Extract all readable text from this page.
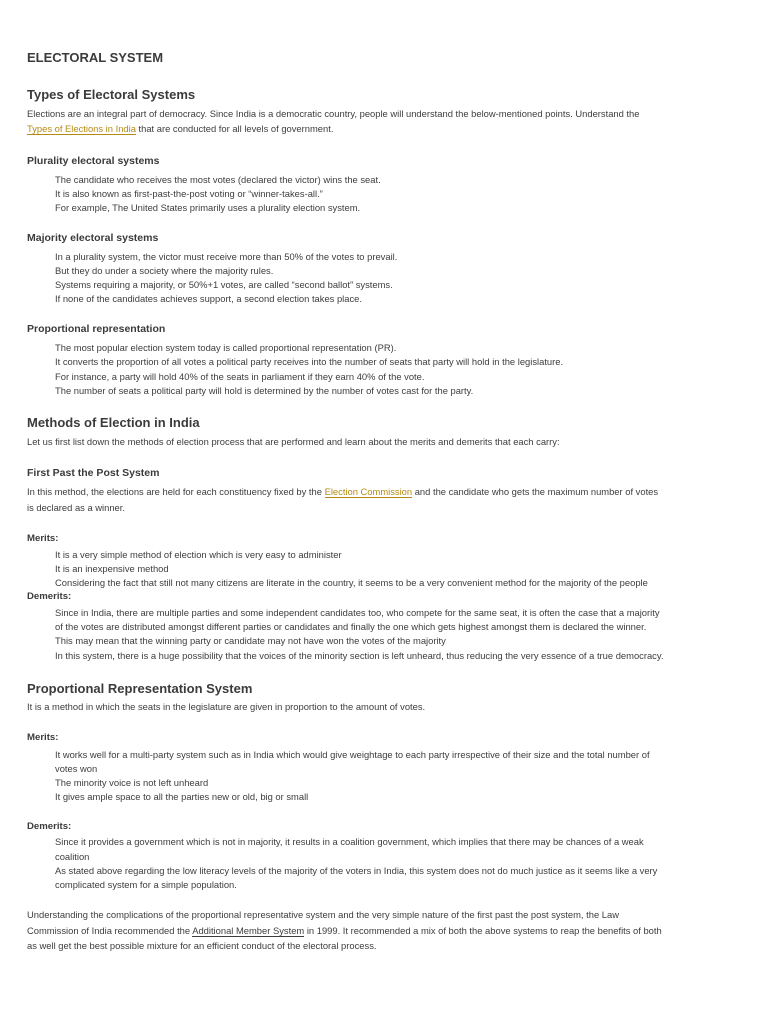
ELECTORAL SYSTEM
Types of Electoral Systems
Elections are an integral part of democracy. Since India is a democratic country, people will understand the below-mentioned points. Understand the
Types of Elections in India that are conducted for all levels of government.
Plurality electoral systems
The candidate who receives the most votes (declared the victor) wins the seat.
It is also known as first-past-the-post voting or “winner-takes-all.”
For example, The United States primarily uses a plurality election system.
Majority electoral systems
In a plurality system, the victor must receive more than 50% of the votes to prevail.
But they do under a society where the majority rules.
Systems requiring a majority, or 50%+1 votes, are called “second ballot” systems.
If none of the candidates achieves support, a second election takes place.
Proportional representation
The most popular election system today is called proportional representation (PR).
It converts the proportion of all votes a political party receives into the number of seats that party will hold in the legislature.
For instance, a party will hold 40% of the seats in parliament if they earn 40% of the vote.
The number of seats a political party will hold is determined by the number of votes cast for the party.
Methods of Election in India
Let us first list down the methods of election process that are performed and learn about the merits and demerits that each carry:
First Past the Post System
In this method, the elections are held for each constituency fixed by the Election Commission and the candidate who gets the maximum number of votes
is declared as a winner.
Merits:
It is a very simple method of election which is very easy to administer
It is an inexpensive method
Considering the fact that still not many citizens are literate in the country, it seems to be a very convenient method for the majority of the people
Demerits:
Since in India, there are multiple parties and some independent candidates too, who compete for the same seat, it is often the case that a majority
of the votes are distributed amongst different parties or candidates and finally the one which gets highest amongst them is declared the winner.
This may mean that the winning party or candidate may not have won the votes of the majority
In this system, there is a huge possibility that the voices of the minority section is left unheard, thus reducing the very essence of a true democracy.
Proportional Representation System
It is a method in which the seats in the legislature are given in proportion to the amount of votes.
Merits:
It works well for a multi-party system such as in India which would give weightage to each party irrespective of their size and the total number of
votes won
The minority voice is not left unheard
It gives ample space to all the parties new or old, big or small
Demerits:
Since it provides a government which is not in majority, it results in a coalition government, which implies that there may be chances of a weak
coalition
As stated above regarding the low literacy levels of the majority of the voters in India, this system does not do much justice as it seems like a very
complicated system for a simple population.
Understanding the complications of the proportional representative system and the very simple nature of the first past the post system, the Law
Commission of India recommended the Additional Member System in 1999. It recommended a mix of both the above systems to reap the benefits of both
as well get the best possible mixture for an efficient conduct of the electoral process.
